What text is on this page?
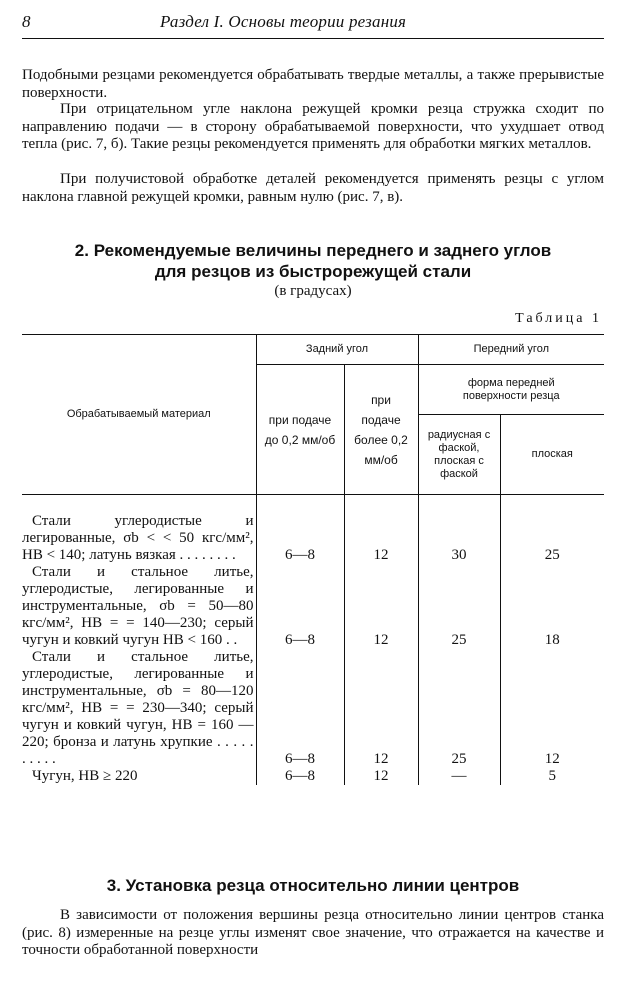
8	Раздел I. Основы теории резания

Подобными резцами рекомендуется обрабатывать твердые металлы, а также прерывистые поверхности.

При отрицательном угле наклона режущей кромки резца стружка сходит по направлению подачи — в сторону обрабатываемой поверхности, что ухудшает отвод тепла (рис. 7, б). Такие резцы рекомендуется применять для обработки мягких металлов.

При получистовой обработке деталей рекомендуется применять резцы с углом наклона главной режущей кромки, равным нулю (рис. 7, в).

2. Рекомендуемые величины переднего и заднего углов
для резцов из быстрорежущей стали
(в градусах)
Таблица 1
Обрабатываемый материал	Задний угол		Передний угол	
	при подаче до 0,2 мм/об	при подаче более 0,2 мм/об	форма передней поверхности резца	
			радиусная с фаской, плоская с фаской	плоская

Стали углеродистые и легированные, σb < < 50 кгс/мм², НВ < 140; латунь вязкая . . . . . . . .	6—8	12	30	25

Стали и стальное литье, углеродистые, легированные и инструментальные, σb = 50—80 кгс/мм², НВ = = 140—230; серый чугун и ковкий чугун НВ < 160 . .	6—8	12	25	18

Стали и стальное литье, углеродистые, легированные и инструментальные, σb = 80—120 кгс/мм², НВ = = 230—340; серый чугун и ковкий чугун, НВ = 160 — 220; бронза и латунь хрупкие . . . . . . . . . .	6—8	12	25	12

Чугун, НВ ≥ 220	6—8	12	—	5
3. Установка резца относительно линии центров

В зависимости от положения вершины резца относительно линии центров станка (рис. 8) измеренные на резце углы изменят свое значение, что отражается на качестве и точности обработанной поверхности
